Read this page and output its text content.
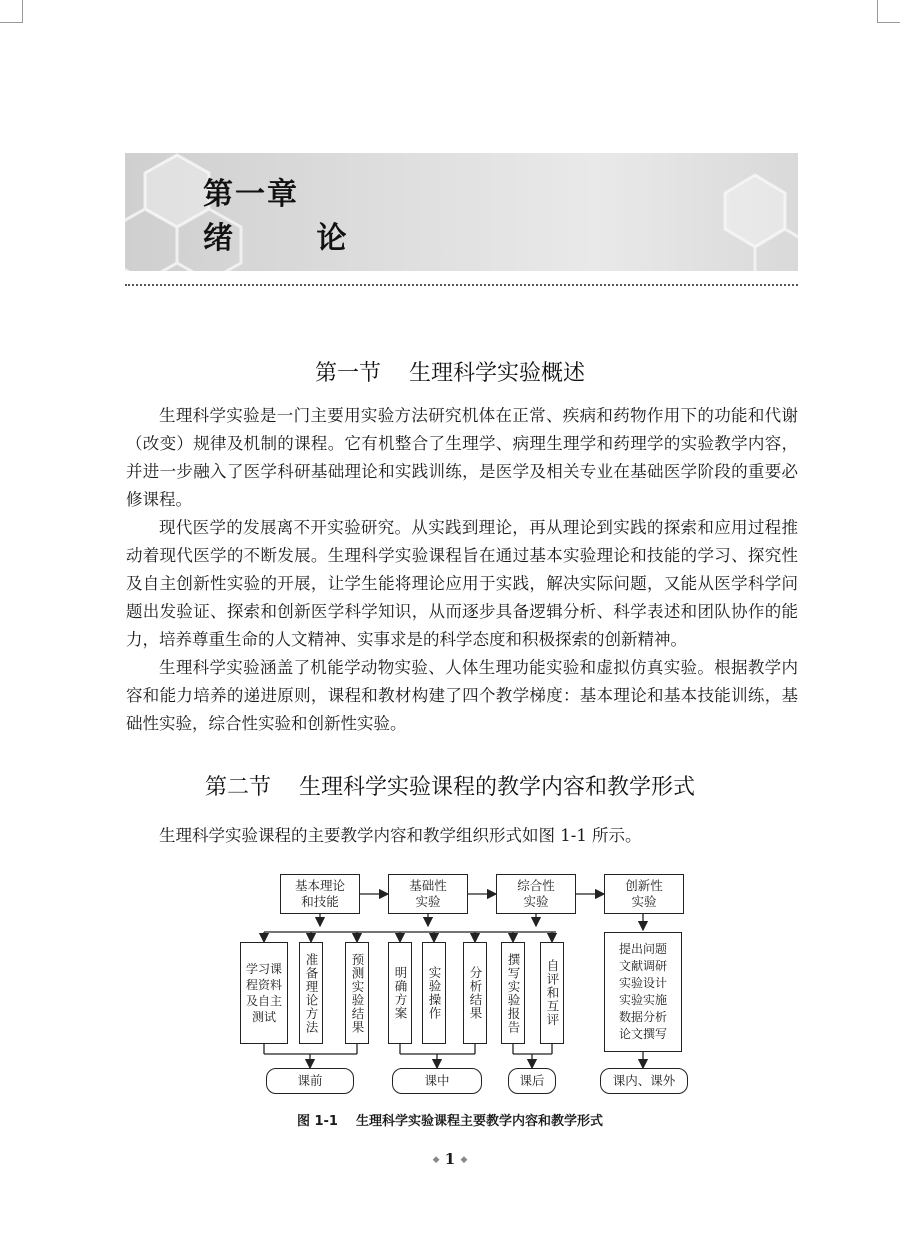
第一章
绪        论
第一节    生理科学实验概述

生理科学实验是一门主要用实验方法研究机体在正常、疾病和药物作用下的功能和代谢（改变）规律及机制的课程。它有机整合了生理学、病理生理学和药理学的实验教学内容，并进一步融入了医学科研基础理论和实践训练，是医学及相关专业在基础医学阶段的重要必修课程。

现代医学的发展离不开实验研究。从实践到理论，再从理论到实践的探索和应用过程推动着现代医学的不断发展。生理科学实验课程旨在通过基本实验理论和技能的学习、探究性及自主创新性实验的开展，让学生能将理论应用于实践，解决实际问题，又能从医学科学问题出发验证、探索和创新医学科学知识，从而逐步具备逻辑分析、科学表述和团队协作的能力，培养尊重生命的人文精神、实事求是的科学态度和积极探索的创新精神。

生理科学实验涵盖了机能学动物实验、人体生理功能实验和虚拟仿真实验。根据教学内容和能力培养的递进原则，课程和教材构建了四个教学梯度：基本理论和基本技能训练，基础性实验，综合性实验和创新性实验。

第二节    生理科学实验课程的教学内容和教学形式

生理科学实验课程的主要教学内容和教学组织形式如图 1-1 所示。

基本理论
和技能
基础性
实验
综合性
实验
创新性
实验
学习课
程资料
及自主
测试	准备理论方法	预测实验结果	明确方案	实验操作	分析结果	撰写实验报告	自评和互评
提出问题
文献调研
实验设计
实验实施
数据分析
论文撰写
课前	课中	课后	课内、课外
图 1-1    生理科学实验课程主要教学内容和教学形式
◆ 1 ◆
